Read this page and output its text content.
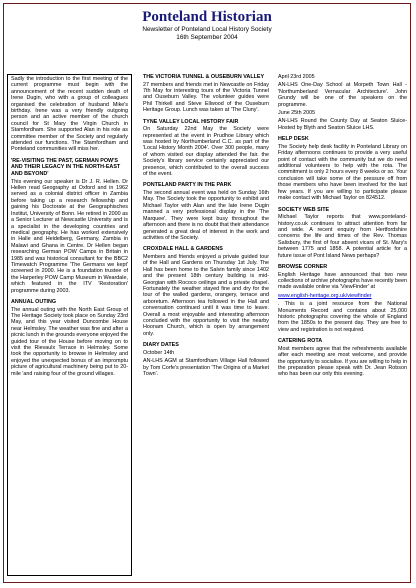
Ponteland Historian
Newsletter of Ponteland Local History Society
16th September 2004

Sadly the introduction to the first meeting of the current programme must begin with the announcement of the recent sudden death of Irene Dugin, who with a group of colleagues organised the celebration of husband Mike's birthday. Irene was a very friendly outgoing person and an active member of the church council for St Mary the Virgin Church in Stamfordham. She supported Alan in his role as committee member of the Society and regularly attended our functions. The Stamfordham and Ponteland communities will miss her.

'RE-VISITING THE PAST, GERMAN POW'S AND THEIR LEGACY IN THE NORTH-EAST AND BEYOND'

This evening our speaker is Dr J. R. Hellen. Dr Hellen read Geography at Oxford and in 1962 served as a colonial district officer in Zambia before taking up a research fellowship and gaining his Doctorate at the Geographisches Institut, University of Bonn. He retired in 2000 as a Senior Lecturer at Newcastle University and is a specialist in the developing countries and medical geography. He has worked extensively in Halle and Heidelberg, Germany, Zambia in Malawi and Ghana in Centre. Dr Hellen began researching German POW Camps in Britain in 1985 and was historical consultant for the BBC2 Timewatch Programme 'The Germans we kept' screened in 2000. He is a foundation trustee of the Harperley POW Camp Museum in Weardale, which featured in the ITV 'Restoration' programme during 2003.

ANNUAL OUTING

The annual outing with the North East Group of The Heritage Society took place on Sunday 23rd May, and this year visited Duncombe House near Helmsley. The weather was fine and after a picnic lunch in the grounds everyone enjoyed the guided tour of the House before moving on to visit the Rievaulx Terrace in Helmsley. Some took the opportunity to browse in Helmsley and enjoyed the unexpected bonus of an impromptu picture of agricultural machinery being put to 20-mile 'and raising four of the ground villages.

THE VICTORIA TUNNEL & OUSEBURN VALLEY

27 members and friends met in Newcastle on Friday 7th May for interesting tours of the Victoria Tunnel and Ouseburn Valley. The volunteer guides were Phil Thirkell and Steve Ellwood of the Ouseburn Heritage Group. Lunch was taken at 'The Cluny'.

TYNE VALLEY LOCAL HISTORY FAIR

On Saturday 22nd May the Society were represented at the event in Prudhoe Library which was hosted by Northumberland C.C. as part of the 'Local History Month 2004'. Over 300 people, many of whom visited our display attended the fair. the Society's library service certainly appreciated our presence, which contributed to the overall success of the event.

PONTELAND PARTY IN THE PARK

The second annual event was held on Sunday 16th May. The Society took the opportunity to exhibit and Michael Taylor with Alan and the late Irene Dugin manned a very professional display in the 'The Marquee'. They were kept busy throughout the afternoon and there is no doubt that their attendance generated a great deal of interest in the work and activities of the Society.

CROXDALE HALL & GARDENS

Members and friends enjoyed a private guided tour of the Hall and Gardens on Thursday 1st July. The Hall has been home to the Salvin family since 1402 and the present 18th century building is mid-Georgian with Rococo ceilings and a private chapel. Fortunately the weather stayed fine and dry for the tour of the walled gardens, orangery, terrace and arboretum. Afternoon tea followed in the Hall and conversation continued until it was time to leave. Overall a most enjoyable and interesting afternoon concluded with the opportunity to visit the nearby Hoonam Church, which is open by arrangement only.

DIARY DATES

October 14th

AN-LHS AGM at Stamfordham Village Hall followed by Tom Corfe's presentation 'The Origins of a Market Town'.

April 23rd 2005

AN-LHS One-Day School at Morpeth Town Hall - 'Northumberland Vernacular Architecture'. John Grundy will be one of the speakers on the programme.

June 25th 2005

AN-LHS Round the County Day at Seaton Sluice-Hosted by Blyth and Seaton Sluice LHS.

HELP DESK

The Society help desk facility in Ponteland Library on Friday afternoons continues to provide a very useful point of contact with the community but we do need additional volunteers to help with the rota. The commitment is only 2 hours every 8 weeks or so. Your conclusion will take some of the pressure off from those members who have been involved for the last few years. If you are willing to participate please make contact with Michael Taylor on 824512.

SOCIETY WEB SITE

Michael Taylor reports that www.ponteland-history.co.uk continues to attract attention from far and wide. A recent enquiry from Hertfordshire concerns the life and times of the Rev. Thomas Salisbury, the first of four absent vicars of St. Mary's between 1775 and 1858. A potential article for a future issue of Pont Island News perhaps?

BROWSE CORNER

English Heritage have announced that two new collections of archive photographs have recently been made available online via 'ViewFinder' at

www.english-heritage.org.uk/viewfinder

. This is a joint resource from the National Monuments Record and contains about 25,000 historic photographs covering the whole of England from the 1850s to the present day. They are free to view and registration is not required.

CATERING ROTA

Most members agree that the refreshments available after each meeting are most welcome, and provide the opportunity to socialise. If you are willing to help in the preparation please speak with Dr. Jean Robson who has been our only this evening.
